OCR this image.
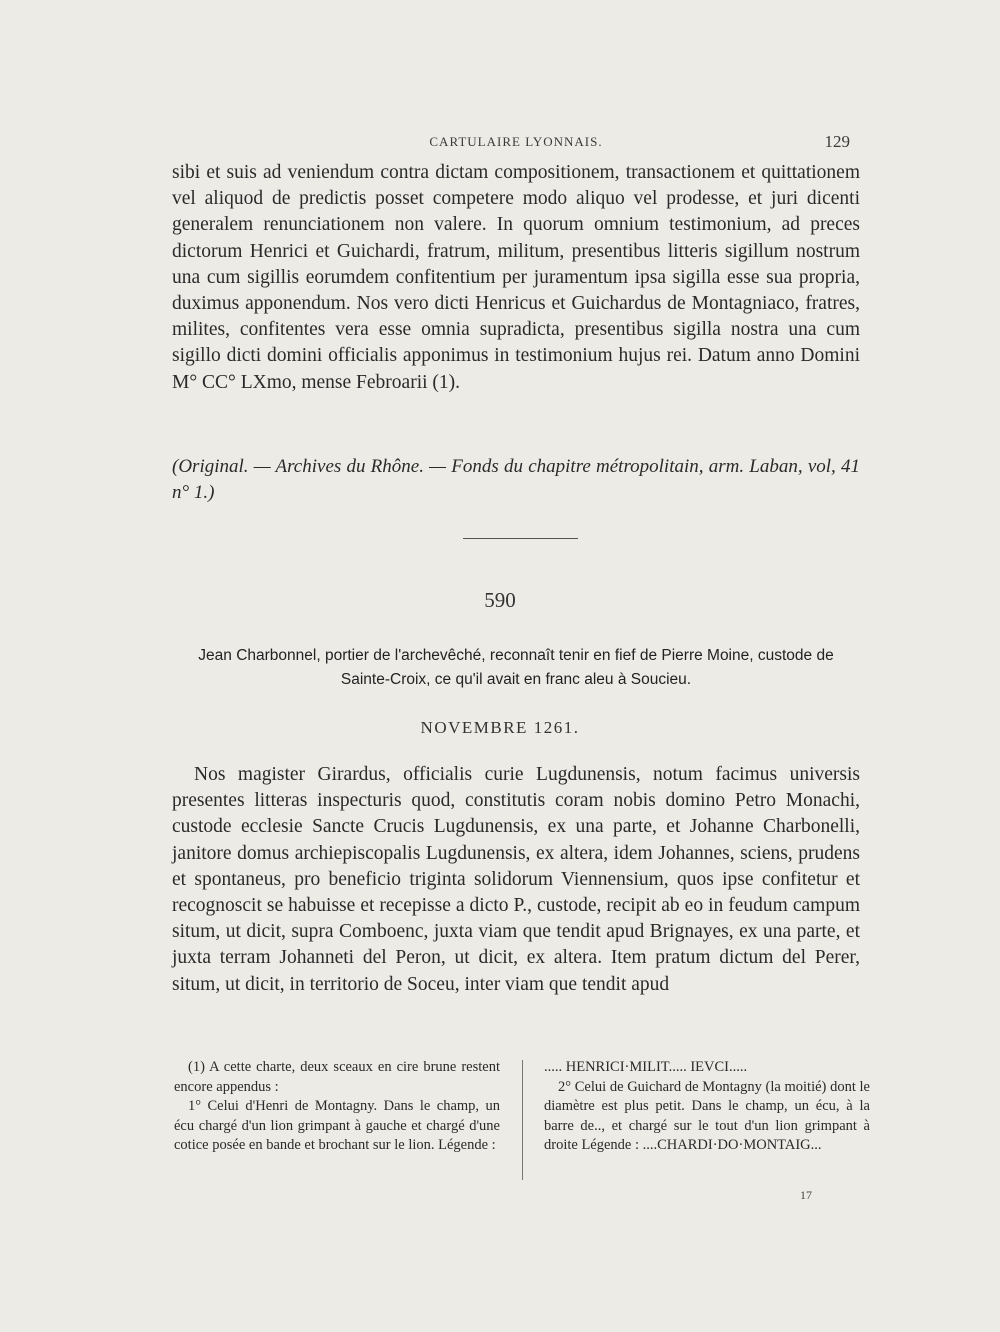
CARTULAIRE LYONNAIS.	129

sibi et suis ad veniendum contra dictam compositionem, transactionem et quittationem vel aliquod de predictis posset competere modo aliquo vel prodesse, et juri dicenti generalem renunciationem non valere. In quorum omnium testimonium, ad preces dictorum Henrici et Guichardi, fratrum, militum, presentibus litteris sigillum nostrum una cum sigillis eorumdem confitentium per juramentum ipsa sigilla esse sua propria, duximus apponendum. Nos vero dicti Henricus et Guichardus de Montagniaco, fratres, milites, confitentes vera esse omnia supradicta, presentibus sigilla nostra una cum sigillo dicti domini officialis apponimus in testimonium hujus rei. Datum anno Domini M° CC° LXmo, mense Febroarii (1).

(Original. — Archives du Rhône. — Fonds du chapitre métropolitain, arm. Laban, vol, 41 n° 1.)

590

Jean Charbonnel, portier de l'archevêché, reconnaît tenir en fief de Pierre Moine, custode de Sainte-Croix, ce qu'il avait en franc aleu à Soucieu.

NOVEMBRE 1261.

Nos magister Girardus, officialis curie Lugdunensis, notum facimus universis presentes litteras inspecturis quod, constitutis coram nobis domino Petro Monachi, custode ecclesie Sancte Crucis Lugdunensis, ex una parte, et Johanne Charbonelli, janitore domus archiepiscopalis Lugdunensis, ex altera, idem Johannes, sciens, prudens et spontaneus, pro beneficio triginta solidorum Viennensium, quos ipse confitetur et recognoscit se habuisse et recepisse a dicto P., custode, recipit ab eo in feudum campum situm, ut dicit, supra Comboenc, juxta viam que tendit apud Brignayes, ex una parte, et juxta terram Johanneti del Peron, ut dicit, ex altera. Item pratum dictum del Perer, situm, ut dicit, in territorio de Soceu, inter viam que tendit apud

(1) A cette charte, deux sceaux en cire brune restent encore appendus :

1° Celui d'Henri de Montagny. Dans le champ, un écu chargé d'un lion grimpant à gauche et chargé d'une cotice posée en bande et brochant sur le lion. Légende :

..... HENRICI·MILIT..... IEVCI.....

2° Celui de Guichard de Montagny (la moitié) dont le diamètre est plus petit. Dans le champ, un écu, à la barre de.., et chargé sur le tout d'un lion grimpant à droite Légende : ....CHARDI·DO·MONTAIG...

17
